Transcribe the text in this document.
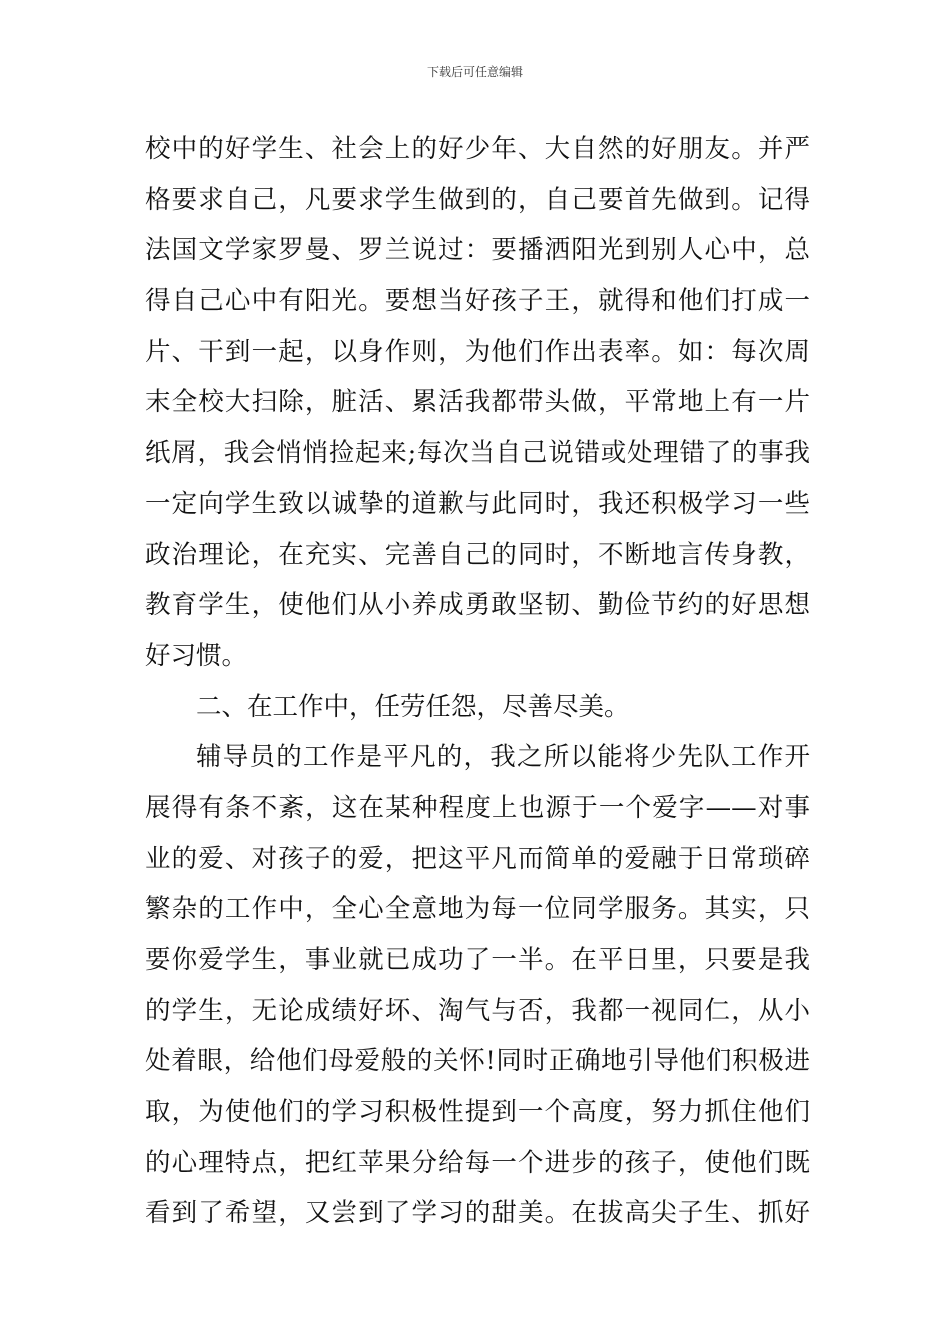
下载后可任意编辑
校中的好学生、社会上的好少年、大自然的好朋友。并严
格要求自己，凡要求学生做到的，自己要首先做到。记得
法国文学家罗曼、罗兰说过：要播洒阳光到别人心中，总
得自己心中有阳光。要想当好孩子王，就得和他们打成一
片、干到一起，以身作则，为他们作出表率。如：每次周
末全校大扫除，脏活、累活我都带头做，平常地上有一片
纸屑，我会悄悄捡起来;每次当自己说错或处理错了的事我
一定向学生致以诚挚的道歉与此同时，我还积极学习一些
政治理论，在充实、完善自己的同时，不断地言传身教，
教育学生，使他们从小养成勇敢坚韧、勤俭节约的好思想
好习惯。
二、在工作中，任劳任怨，尽善尽美。
辅导员的工作是平凡的，我之所以能将少先队工作开
展得有条不紊，这在某种程度上也源于一个爱字——对事
业的爱、对孩子的爱，把这平凡而简单的爱融于日常琐碎
繁杂的工作中，全心全意地为每一位同学服务。其实，只
要你爱学生，事业就已成功了一半。在平日里，只要是我
的学生，无论成绩好坏、淘气与否，我都一视同仁，从小
处着眼，给他们母爱般的关怀!同时正确地引导他们积极进
取，为使他们的学习积极性提到一个高度，努力抓住他们
的心理特点，把红苹果分给每一个进步的孩子，使他们既
看到了希望，又尝到了学习的甜美。在拔高尖子生、抓好
